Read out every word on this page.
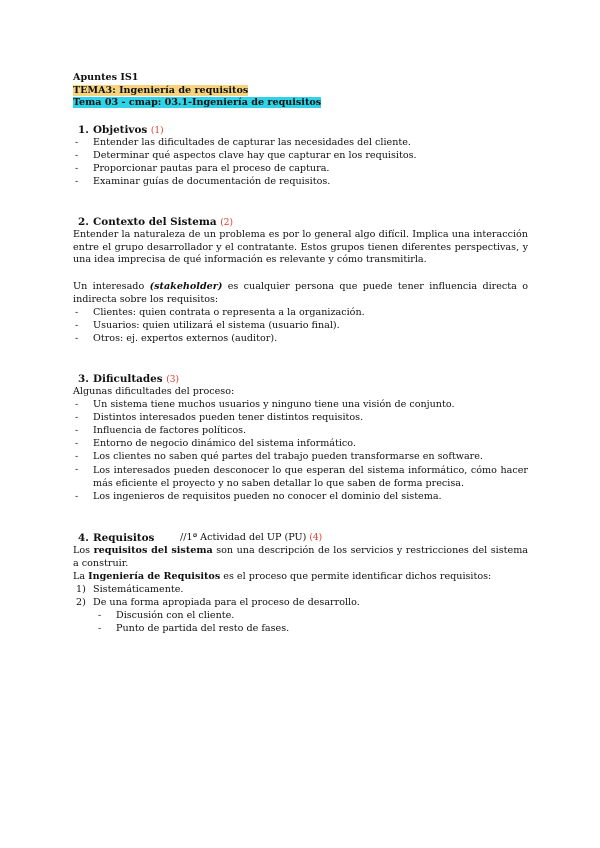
Apuntes IS1
TEMA3: Ingeniería de requisitos
Tema 03 - cmap: 03.1-Ingeniería de requisitos
1. Objetivos (1)
- Entender las dificultades de capturar las necesidades del cliente.
- Determinar qué aspectos clave hay que capturar en los requisitos.
- Proporcionar pautas para el proceso de captura.
- Examinar guías de documentación de requisitos.
2. Contexto del Sistema (2)
Entender la naturaleza de un problema es por lo general algo difícil. Implica una interacción entre el grupo desarrollador y el contratante. Estos grupos tienen diferentes perspectivas, y una idea imprecisa de qué información es relevante y cómo transmitirla.
Un interesado (stakeholder) es cualquier persona que puede tener influencia directa o indirecta sobre los requisitos:
- Clientes: quien contrata o representa a la organización.
- Usuarios: quien utilizará el sistema (usuario final).
- Otros: ej. expertos externos (auditor).
3. Dificultades (3)
Algunas dificultades del proceso:
- Un sistema tiene muchos usuarios y ninguno tiene una visión de conjunto.
- Distintos interesados pueden tener distintos requisitos.
- Influencia de factores políticos.
- Entorno de negocio dinámico del sistema informático.
- Los clientes no saben qué partes del trabajo pueden transformarse en software.
- Los interesados pueden desconocer lo que esperan del sistema informático, cómo hacer más eficiente el proyecto y no saben detallar lo que saben de forma precisa.
- Los ingenieros de requisitos pueden no conocer el dominio del sistema.
4. Requisitos	//1ª Actividad del UP (PU) (4)
Los requisitos del sistema son una descripción de los servicios y restricciones del sistema a construir.
La Ingeniería de Requisitos es el proceso que permite identificar dichos requisitos:
1) Sistemáticamente.
2) De una forma apropiada para el proceso de desarrollo.
- Discusión con el cliente.
- Punto de partida del resto de fases.
